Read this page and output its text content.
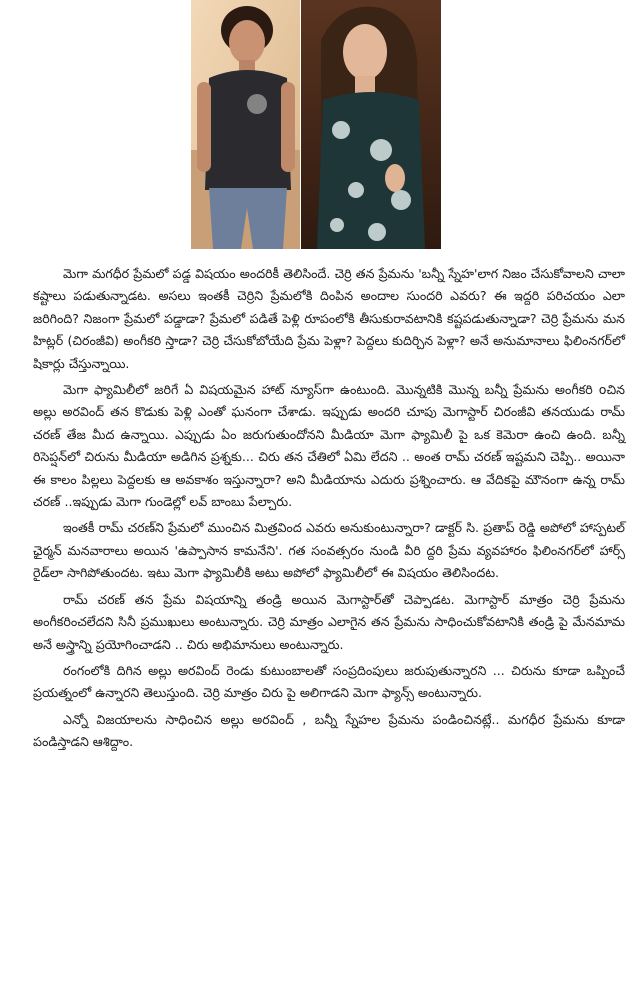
మెగా మగధీర ప్రేమలో పడ్డ విషయం అందరికీ తెలిసిందే. చెర్రి తన ప్రేమను 'బన్నీ స్నేహ'లాగ నిజం చేసుకోవాలని చాలా కష్టాలు పడుతున్నాడట. అసలు ఇంతకీ చెర్రిని ప్రేమలోకి దింపిన అందాల సుందరి ఎవరు? ఈ ఇద్దరి పరిచయం ఎలా జరిగింది? నిజంగా ప్రేమలో పడ్డాడా? ప్రేమలో పడితే పెళ్లి రూపంలోకి తీసుకురావటానికి కష్టపడుతున్నాడా? చెర్రి ప్రేమను మన హిట్లర్ (చిరంజీవి) అంగీకరి స్తాడా? చెర్రి చేసుకోబోయేది ప్రేమ పెళ్లా? పెద్దలు కుదిర్చిన పెళ్లా? అనే అనుమానాలు ఫిలింనగర్‌లో షికార్లు చేస్తున్నాయి.

మెగా ఫ్యామిలీలో జరిగే ఏ విషయమైన హాట్ న్యూస్‌గా ఉంటుంది. మొన్నటికి మొన్న బన్నీ ప్రేమను అంగీకరి oచిన అల్లు అరవింద్ తన కొడుకు పెళ్లి ఎంతో ఘనంగా చేశాడు. ఇప్పుడు అందరి చూపు మెగాస్టార్ చిరంజీవి తనయుడు రామ్ చరణ్ తేజ మీద ఉన్నాయి. ఎప్పుడు ఏం జరుగుతుందోనని మీడియా మెగా ఫ్యామిలీ పై ఒక కెమెరా ఉంచి ఉంది. బన్నీ రిసెప్షన్‌లో చిరును మీడియా అడిగిన ప్రశ్నకు... చిరు తన చేతిలో ఏమి లేదని .. అంత రామ్ చరణ్ ఇష్టమని చెప్పి.. అయినా ఈ కాలం పిల్లలు పెద్దలకు ఆ అవకాశం ఇస్తున్నారా? అని మీడియాను ఎదురు ప్రశ్నించారు. ఆ వేదికపై మౌనంగా ఉన్న రామ్ చరణ్ ..ఇప్పుడు మెగా గుండెల్లో లవ్ బాంబు పేల్చారు.

ఇంతకీ రామ్ చరణ్‌ని ప్రేమలో ముంచిన మిత్రవింద ఎవరు అనుకుంటున్నారా? డాక్టర్ సి. ప్రతాప్ రెడ్డి అపోలో హాస్పటల్ ఛైర్మన్ మనవారాలు అయిన 'ఉప్పాసాన కామనేని'. గత సంవత్సరం నుండి వీరి ద్దరి ప్రేమ వ్యవహారం ఫిలింనగర్‌లో హార్స్ రైడ్‌లా సాగిపోతుందట. ఇటు మెగా ఫ్యామిలీకి అటు అపోలో ఫ్యామిలీలో ఈ విషయం తెలిసిందట.

రామ్ చరణ్ తన ప్రేమ విషయాన్ని తండ్రి అయిన మెగాస్టార్‌తో చెప్పాడట. మెగాస్టార్ మాత్రం చెర్రి ప్రేమను అంగీకరించలేదని సినీ ప్రముఖులు అంటున్నారు. చెర్రి మాత్రం ఎలాగైన తన ప్రేమను సాధించుకోవటానికి తండ్రి పై మేనమామ అనే అస్త్రాన్ని ప్రయోగించాడని .. చిరు అభిమానులు అంటున్నారు.

రంగంలోకి దిగిన అల్లు అరవింద్ రెండు కుటుంబాలతో సంప్రదింపులు జరుపుతున్నారని ... చిరును కూడా ఒప్పించే ప్రయత్నంలో ఉన్నారని తెలుస్తుంది. చెర్రి మాత్రం చిరు పై అలిగాడని మెగా ఫ్యాన్స్ అంటున్నారు.

ఎన్నో విజయాలను సాధించిన అల్లు అరవింద్ , బన్నీ స్నేహల ప్రేమను పండించినట్లే.. మగధీర ప్రేమను కూడా పండిస్తాడని ఆశిద్దాం.
